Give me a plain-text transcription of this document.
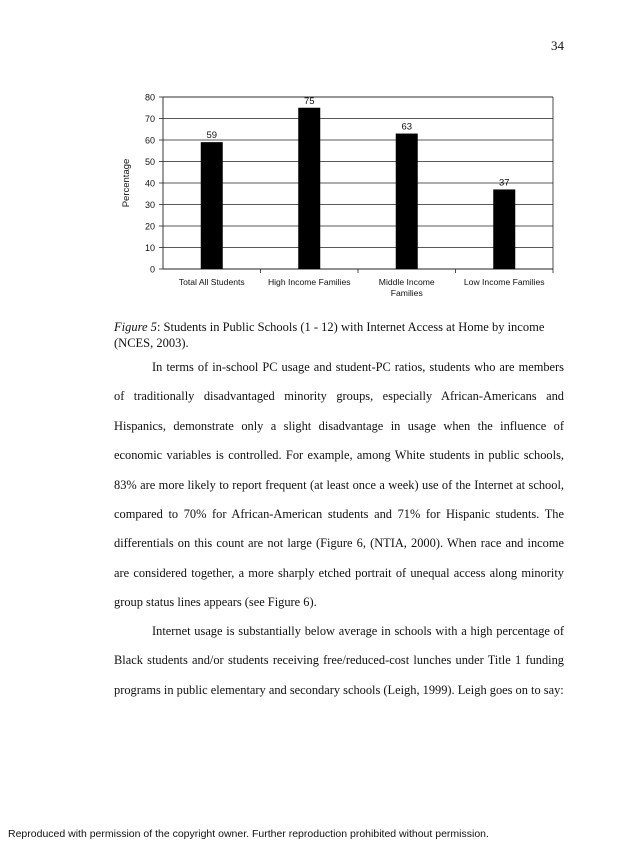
34
0
10
20
30
40
50
60
70
80
59
Total All Students
75
High Income Families
63
Middle Income
Families
37
Low Income Families
Percentage
Figure 5: Students in Public Schools (1 - 12) with Internet Access at Home by income (NCES, 2003).

In terms of in-school PC usage and student-PC ratios, students who are members of traditionally disadvantaged minority groups, especially African-Americans and Hispanics, demonstrate only a slight disadvantage in usage when the influence of economic variables is controlled. For example, among White students in public schools, 83% are more likely to report frequent (at least once a week) use of the Internet at school, compared to 70% for African-American students and 71% for Hispanic students. The differentials on this count are not large (Figure 6, (NTIA, 2000). When race and income are considered together, a more sharply etched portrait of unequal access along minority group status lines appears (see Figure 6).

Internet usage is substantially below average in schools with a high percentage of Black students and/or students receiving free/reduced-cost lunches under Title 1 funding programs in public elementary and secondary schools (Leigh, 1999). Leigh goes on to say:

Reproduced with permission of the copyright owner. Further reproduction prohibited without permission.
